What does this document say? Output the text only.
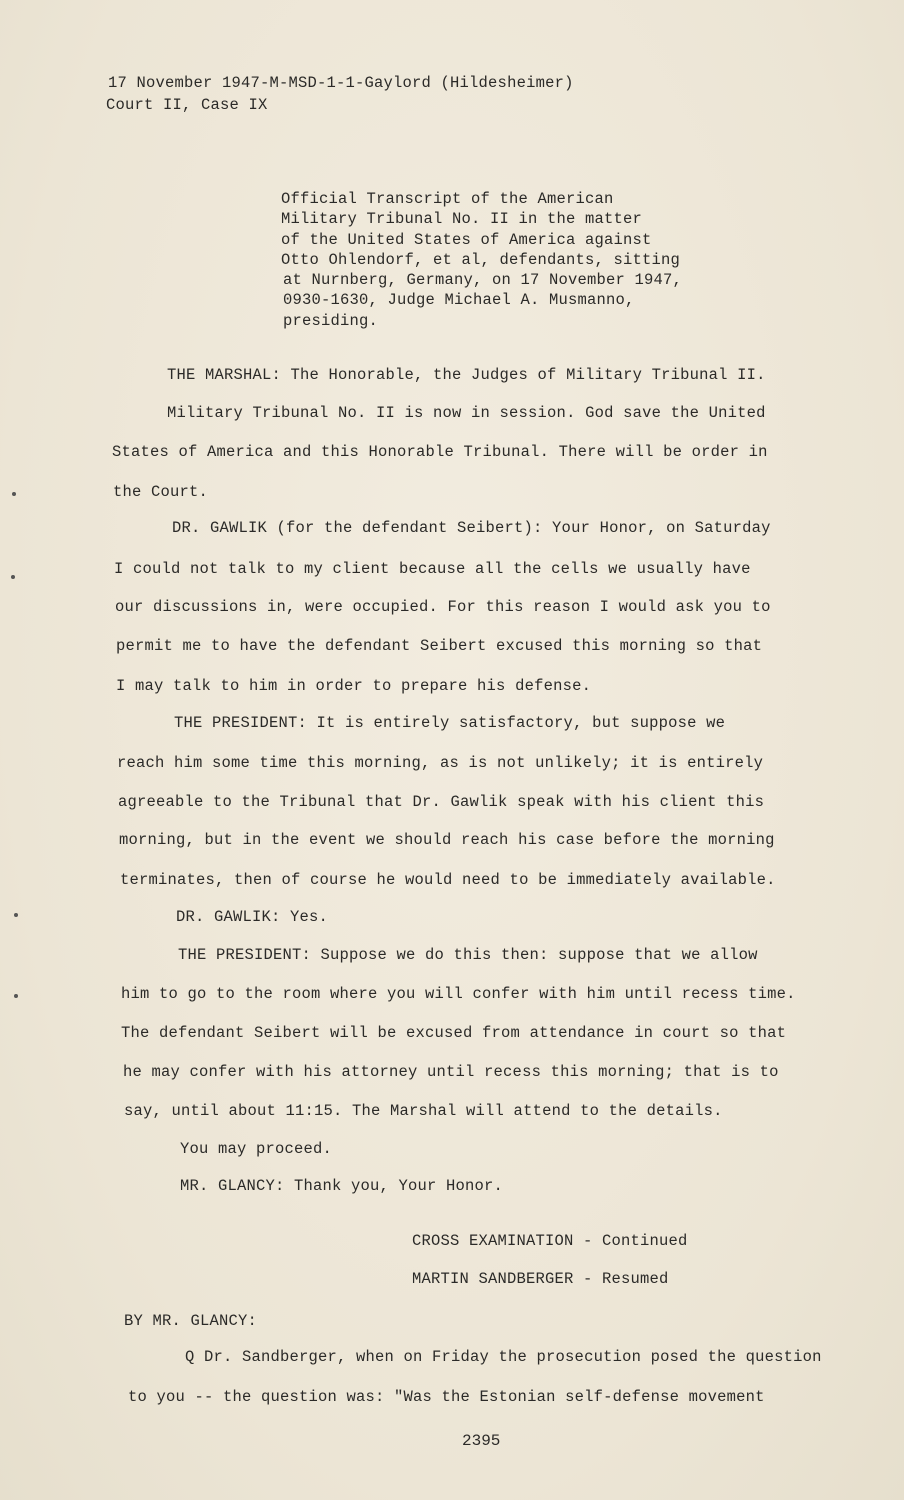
17 November 1947-M-MSD-1-1-Gaylord (Hildesheimer)
Court II, Case IX
Official Transcript of the American
Military Tribunal No. II in the matter
of the United States of America against
Otto Ohlendorf, et al, defendants, sitting
at Nurnberg, Germany, on 17 November 1947,
0930-1630, Judge Michael A. Musmanno,
presiding.
THE MARSHAL: The Honorable, the Judges of Military Tribunal II.
Military Tribunal No. II is now in session. God save the United
States of America and this Honorable Tribunal. There will be order in
the Court.
DR. GAWLIK (for the defendant Seibert): Your Honor, on Saturday
I could not talk to my client because all the cells we usually have
our discussions in, were occupied. For this reason I would ask you to
permit me to have the defendant Seibert excused this morning so that
I may talk to him in order to prepare his defense.
THE PRESIDENT: It is entirely satisfactory, but suppose we
reach him some time this morning, as is not unlikely; it is entirely
agreeable to the Tribunal that Dr. Gawlik speak with his client this
morning, but in the event we should reach his case before the morning
terminates, then of course he would need to be immediately available.
DR. GAWLIK: Yes.
THE PRESIDENT: Suppose we do this then: suppose that we allow
him to go to the room where you will confer with him until recess time.
The defendant Seibert will be excused from attendance in court so that
he may confer with his attorney until recess this morning; that is to
say, until about 11:15. The Marshal will attend to the details.
You may proceed.
MR. GLANCY: Thank you, Your Honor.
CROSS EXAMINATION - Continued
MARTIN SANDBERGER - Resumed
BY MR. GLANCY:
Q Dr. Sandberger, when on Friday the prosecution posed the question
to you -- the question was: "Was the Estonian self-defense movement
2395
